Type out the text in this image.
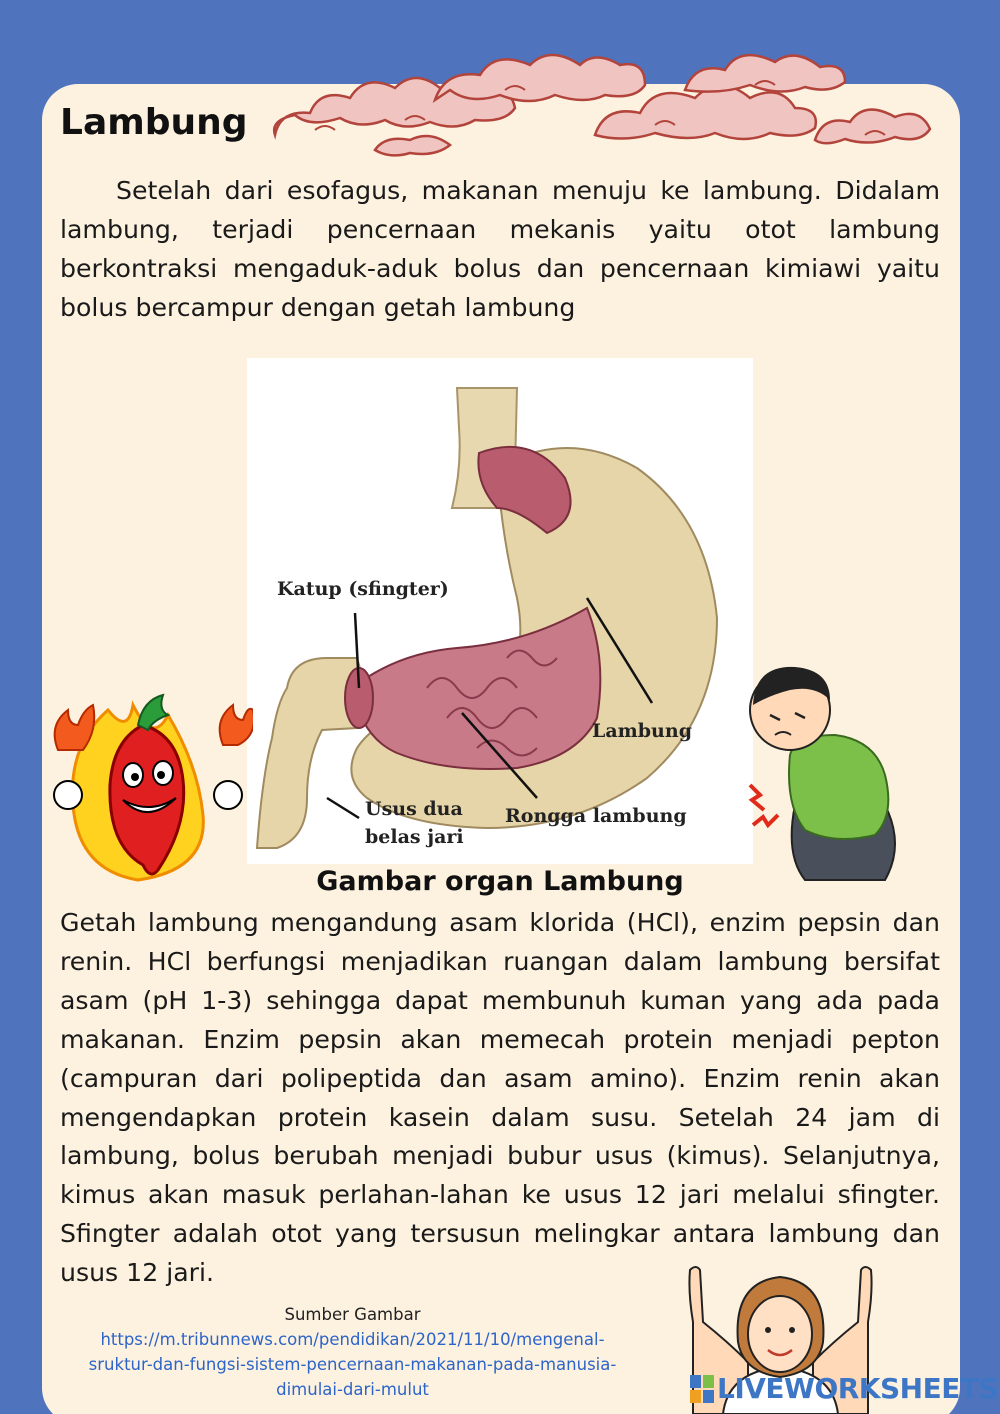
Lambung

Setelah dari esofagus, makanan menuju ke lambung. Didalam lambung, terjadi pencernaan mekanis yaitu otot lambung berkontraksi mengaduk-aduk bolus dan pencernaan kimiawi yaitu bolus bercampur dengan getah lambung

Katup (sfingter)
Lambung
Usus dua
belas jari
Rongga lambung
Gambar organ Lambung

Getah lambung mengandung asam klorida (HCl), enzim pepsin dan renin. HCl berfungsi menjadikan ruangan dalam lambung bersifat asam (pH 1-3) sehingga dapat membunuh kuman yang ada pada makanan. Enzim pepsin akan memecah protein menjadi pepton (campuran dari polipeptida dan asam amino). Enzim renin akan mengendapkan protein kasein dalam susu. Setelah 24 jam di lambung, bolus berubah menjadi bubur usus (kimus). Selanjutnya, kimus akan masuk perlahan-lahan ke usus 12 jari melalui sfingter. Sfingter adalah otot yang tersusun melingkar antara lambung dan usus 12 jari.

Sumber Gambar
https://m.tribunnews.com/pendidikan/2021/11/10/mengenal-
sruktur-dan-fungsi-sistem-pencernaan-makanan-pada-manusia-
dimulai-dari-mulut	LIVEWORKSHEETS
